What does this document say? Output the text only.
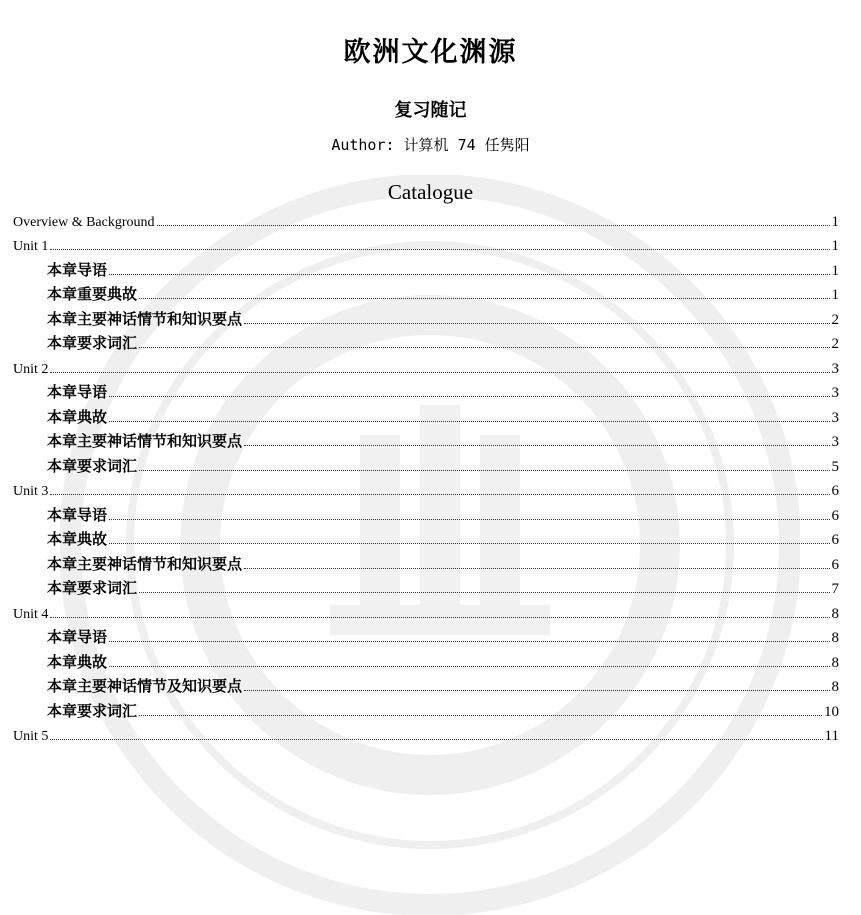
欧洲文化渊源
复习随记
Author: 计算机 74 任隽阳
Catalogue
Overview & Background	1
Unit 1	1
本章导语	1
本章重要典故	1
本章主要神话情节和知识要点	2
本章要求词汇	2
Unit 2	3
本章导语	3
本章典故	3
本章主要神话情节和知识要点	3
本章要求词汇	5
Unit 3	6
本章导语	6
本章典故	6
本章主要神话情节和知识要点	6
本章要求词汇	7
Unit 4	8
本章导语	8
本章典故	8
本章主要神话情节及知识要点	8
本章要求词汇	10
Unit 5	11
